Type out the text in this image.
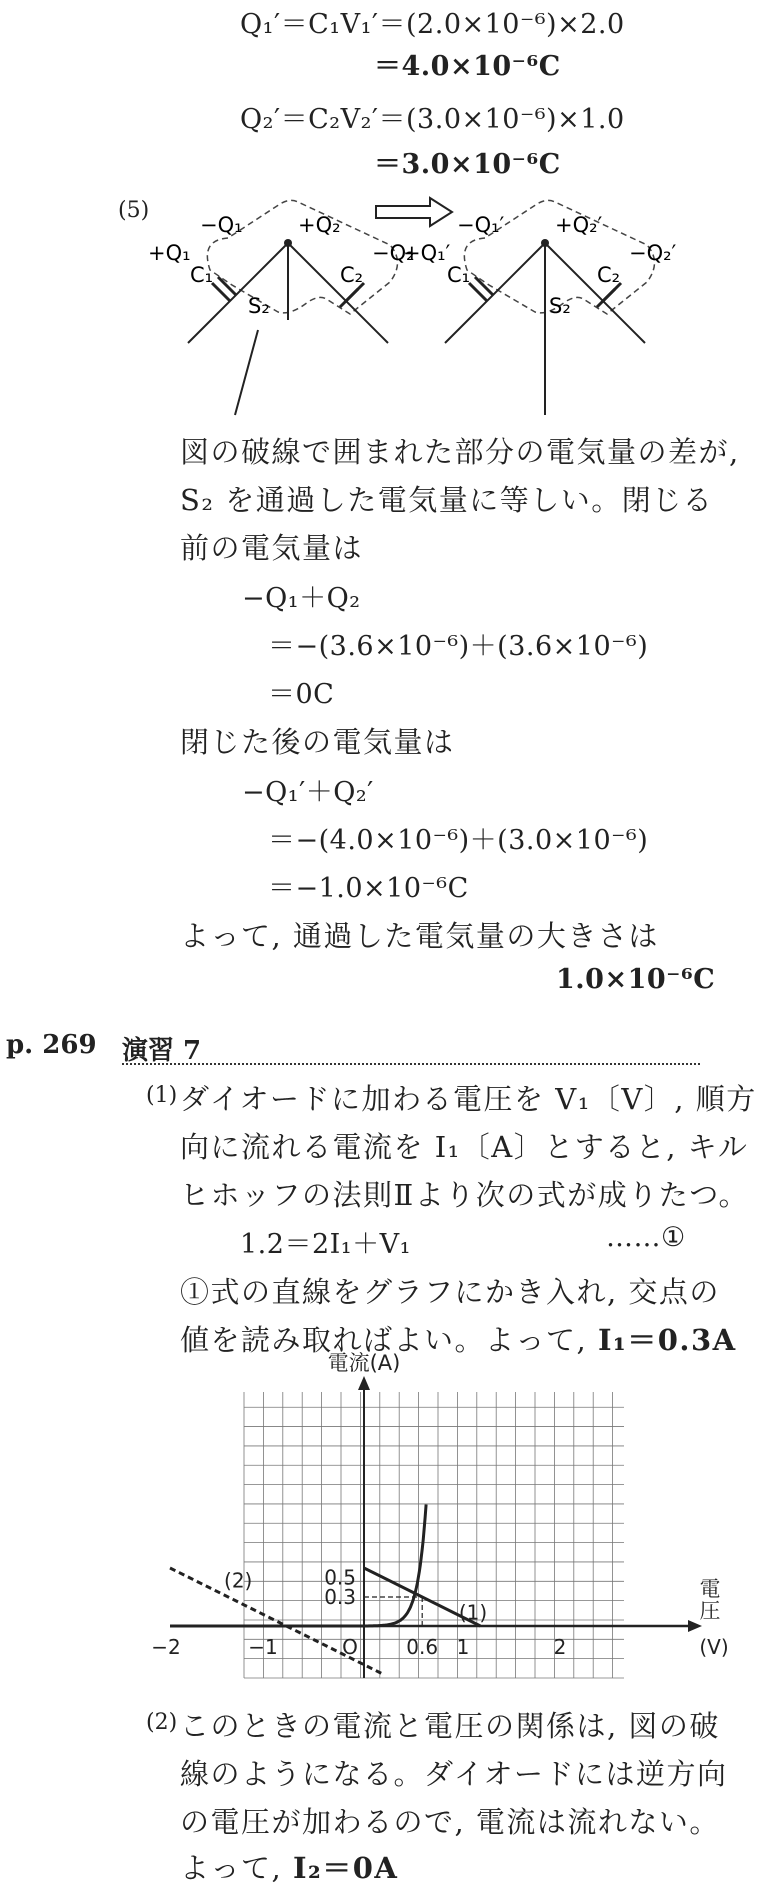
Q₁′＝C₁V₁′＝(2.0×10⁻⁶)×2.0
＝4.0×10⁻⁶C
Q₂′＝C₂V₂′＝(3.0×10⁻⁶)×1.0
＝3.0×10⁻⁶C
(5)
−Q₁	+Q₂
+Q₁	−Q₂
C₁	C₂
S₂
−Q₁′ +Q₂′
+Q₁′	−Q₂′
C₁	C₂
S₂
図の破線で囲まれた部分の電気量の差が,
S₂ を通過した電気量に等しい。閉じる
前の電気量は
−Q₁＋Q₂
＝−(3.6×10⁻⁶)＋(3.6×10⁻⁶)
＝0C
閉じた後の電気量は
−Q₁′＋Q₂′
＝−(4.0×10⁻⁶)＋(3.0×10⁻⁶)
＝−1.0×10⁻⁶C
よって, 通過した電気量の大きさは
1.0×10⁻⁶C
p. 269 演習 7
(1) ダイオードに加わる電圧を V₁〔V〕, 順方
向に流れる電流を I₁〔A〕とすると, キル
ヒホッフの法則Ⅱより次の式が成りたつ。
1.2＝2I₁＋V₁	……①
①式の直線をグラフにかき入れ, 交点の
値を読み取ればよい。よって, I₁＝0.3A
電流(A)
電
圧
(V)
−2	−1	O 0.6 1	2
0.5
0.3
(1)
(2)
(2) このときの電流と電圧の関係は, 図の破
線のようになる。ダイオードには逆方向
の電圧が加わるので, 電流は流れない。
よって, I₂＝0A
